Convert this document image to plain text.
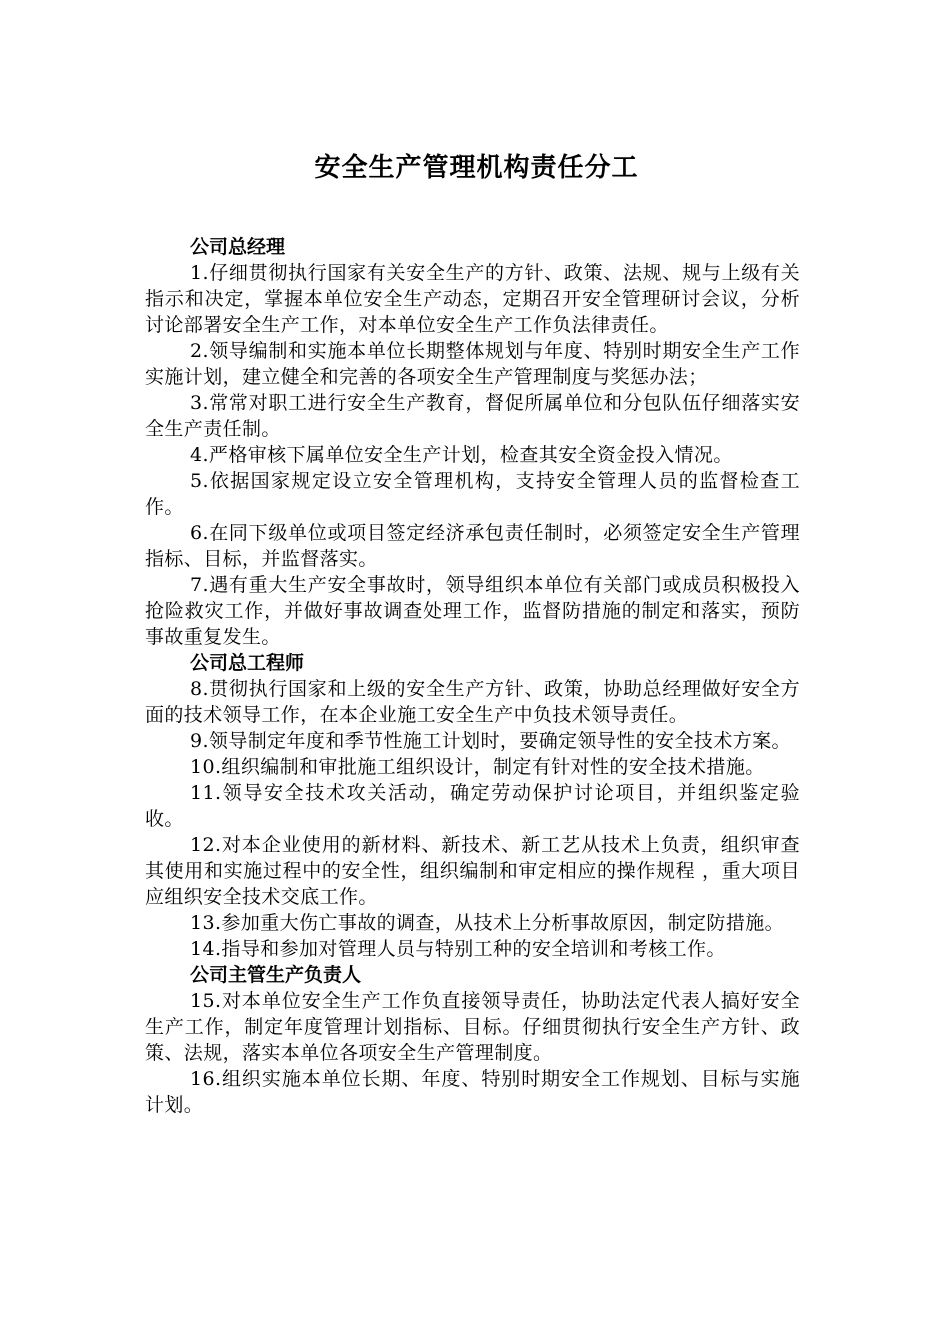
安全生产管理机构责任分工

公司总经理

1.仔细贯彻执行国家有关安全生产的方针、政策、法规、规与上级有关指示和决定，掌握本单位安全生产动态，定期召开安全管理研讨会议，分析讨论部署安全生产工作，对本单位安全生产工作负法律责任。

2.领导编制和实施本单位长期整体规划与年度、特别时期安全生产工作实施计划，建立健全和完善的各项安全生产管理制度与奖惩办法；

3.常常对职工进行安全生产教育，督促所属单位和分包队伍仔细落实安全生产责任制。

4.严格审核下属单位安全生产计划，检查其安全资金投入情况。

5.依据国家规定设立安全管理机构，支持安全管理人员的监督检查工作。

6.在同下级单位或项目签定经济承包责任制时，必须签定安全生产管理指标、目标，并监督落实。

7.遇有重大生产安全事故时，领导组织本单位有关部门或成员积极投入抢险救灾工作，并做好事故调查处理工作，监督防措施的制定和落实，预防事故重复发生。

公司总工程师

8.贯彻执行国家和上级的安全生产方针、政策，协助总经理做好安全方面的技术领导工作，在本企业施工安全生产中负技术领导责任。

9.领导制定年度和季节性施工计划时，要确定领导性的安全技术方案。

10.组织编制和审批施工组织设计，制定有针对性的安全技术措施。

11.领导安全技术攻关活动，确定劳动保护讨论项目，并组织鉴定验收。

12.对本企业使用的新材料、新技术、新工艺从技术上负责，组织审查其使用和实施过程中的安全性，组织编制和审定相应的操作规程 ，重大项目应组织安全技术交底工作。

13.参加重大伤亡事故的调查，从技术上分析事故原因，制定防措施。

14.指导和参加对管理人员与特别工种的安全培训和考核工作。

公司主管生产负责人

15.对本单位安全生产工作负直接领导责任，协助法定代表人搞好安全生产工作，制定年度管理计划指标、目标。仔细贯彻执行安全生产方针、政策、法规，落实本单位各项安全生产管理制度。

16.组织实施本单位长期、年度、特别时期安全工作规划、目标与实施计划。
